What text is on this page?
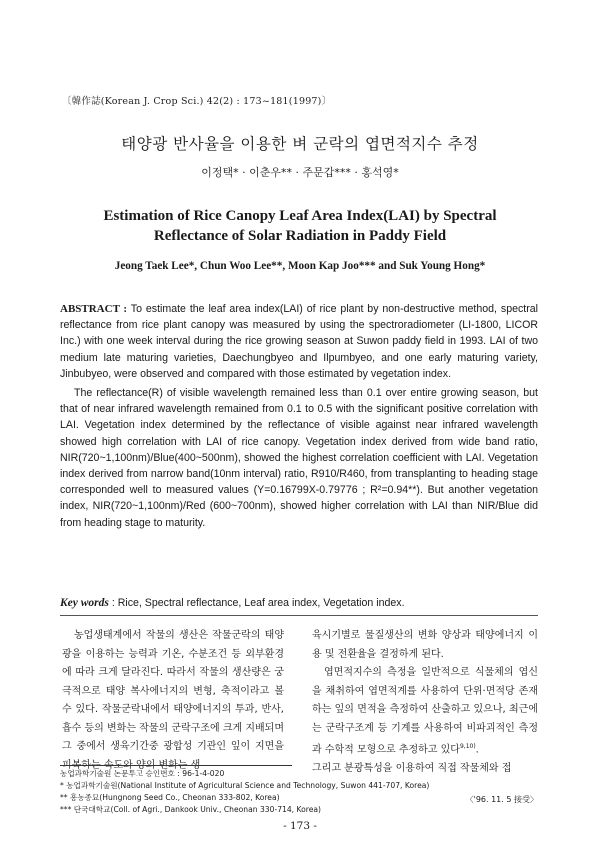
〔韓作誌(Korean J. Crop Sci.) 42(2) : 173~181(1997)〕
태양광 반사율을 이용한 벼 군락의 엽면적지수 추정
이정택* · 이춘우** · 주문갑*** · 홍석영*
Estimation of Rice Canopy Leaf Area Index(LAI) by Spectral
Reflectance of Solar Radiation in Paddy Field
Jeong Taek Lee*, Chun Woo Lee**, Moon Kap Joo*** and Suk Young Hong*

ABSTRACT : To estimate the leaf area index(LAI) of rice plant by non-destructive method, spectral reflectance from rice plant canopy was measured by using the spectroradiometer (LI-1800, LICOR Inc.) with one week interval during the rice growing season at Suwon paddy field in 1993. LAI of two medium late maturing varieties, Daechungbyeo and Ilpumbyeo, and one early maturing variety, Jinbubyeo, were observed and compared with those estimated by vegetation index.

The reflectance(R) of visible wavelength remained less than 0.1 over entire growing season, but that of near infrared wavelength remained from 0.1 to 0.5 with the significant positive correlation with LAI. Vegetation index determined by the reflectance of visible against near infrared wavelength showed high correlation with LAI of rice canopy. Vegetation index derived from wide band ratio, NIR(720~1,100nm)/Blue(400~500nm), showed the highest correlation coefficient with LAI. Vegetation index derived from narrow band(10nm interval) ratio, R910/R460, from transplanting to heading stage corresponded well to measured values (Y=0.16799X-0.79776 ; R²=0.94**). But another vegetation index, NIR(720~1,100nm)/Red (600~700nm), showed higher correlation with LAI than NIR/Blue did from heading stage to maturity.

Key words : Rice, Spectral reflectance, Leaf area index, Vegetation index.

농업생태계에서 작물의 생산은 작물군락의 태양광을 이용하는 능력과 기온, 수분조건 등 외부환경에 따라 크게 달라진다. 따라서 작물의 생산량은 궁극적으로 태양 복사에너지의 변형, 축적이라고 볼 수 있다. 작물군락내에서 태양에너지의 투과, 반사, 흡수 등의 변화는 작물의 군락구조에 크게 지배되며 그 중에서 생육기간중 광합성 기관인 잎이 지면을 피복하는 속도와 양의 변화는 생

육시기별로 물질생산의 변화 양상과 태양에너지 이용 및 전환율을 결정하게 된다.

엽면적지수의 측정을 일반적으로 식물체의 엽신을 채취하여 엽면적계를 사용하여 단위·면적당 존재하는 잎의 면적을 측정하여 산출하고 있으나, 최근에는 군락구조계 등 기계를 사용하여 비파괴적인 측정과 수학적 모형으로 추정하고 있다$^{9,10)}$.

그리고 분광특성을 이용하여 직접 작물체와 접

농업과학기술원 논문투고 승인번호 : 96-1-4-020
* 농업과학기술원(National Institute of Agricultural Science and Technology, Suwon 441-707, Korea)
** 흥농종묘(Hungnong Seed Co., Cheonan 333-802, Korea)
*** 단국대학교(Coll. of Agri., Dankook Univ., Cheonan 330-714, Korea)
〈'96. 11. 5 接受〉
- 173 -
